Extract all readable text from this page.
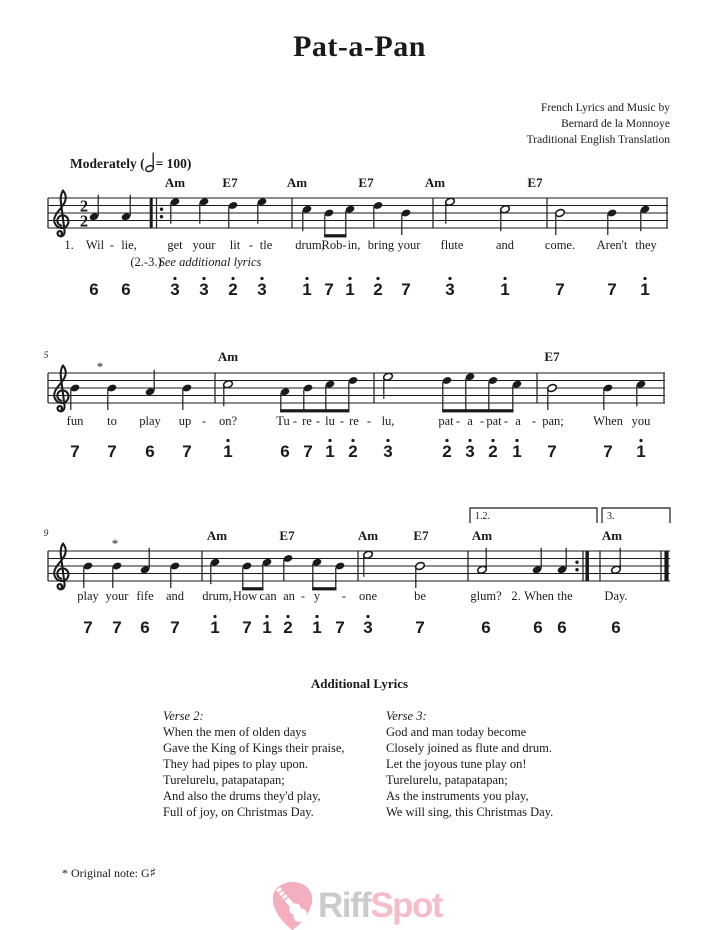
Pat-a-Pan
French Lyrics and Music by
Bernard de la Monnoye
Traditional English Translation
Moderately ( = 100)
2
2
Am	E7	Am	E7	Am	E7
1. Wil - lie, get your lit - tle drum,
Rob- in, bring your flute	and come. Aren't they
(2.-3.)
See additional lyrics
6 6 3 3 2 3 1 7 1 2 7 3	1	7	7 1
5
*
Am	E7
fun to play up - on?	Tu - re - lu - re - lu,	pat - a - pat - a - pan; When you
7 7 6 7 1	6 7 1 2 3	2 3 2 1 7	7 1
9
*
1.2.	3.
Am	E7	Am	E7	Am	Am
play your fife and drum, How can an - y - one	be	glum? 2. When the	Day.
7 7 6 7 1 7 1 2 1 7 3	7	6	6 6	6
Additional Lyrics
Verse 2:
When the men of olden days
Gave the King of Kings their praise,
They had pipes to play upon.
Turelurelu, patapatapan;
And also the drums they'd play,
Full of joy, on Christmas Day.
Verse 3:
God and man today become
Closely joined as flute and drum.
Let the joyous tune play on!
Turelurelu, patapatapan;
As the instruments you play,
We will sing, this Christmas Day.
* Original note: G♯
RiffSpot
